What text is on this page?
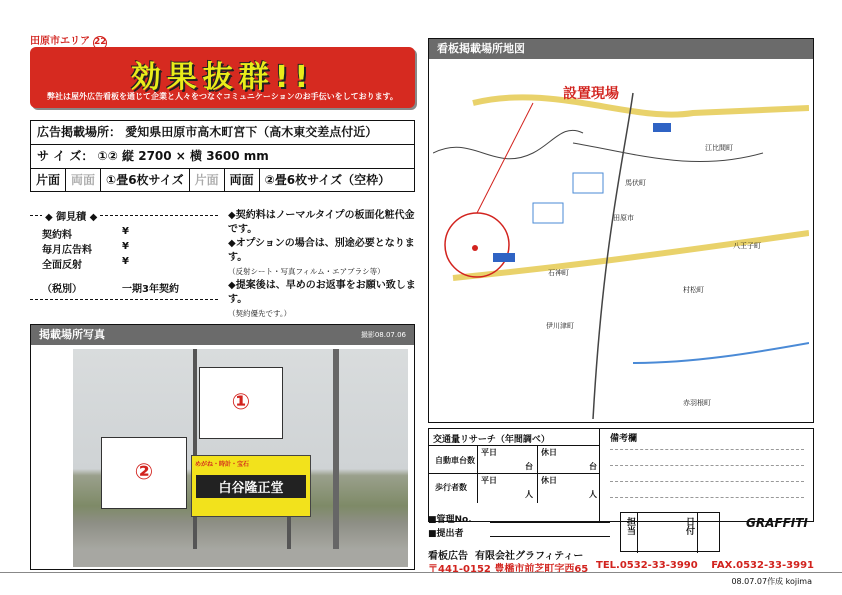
田原市エリア 22
効果抜群!!
弊社は屋外広告看板を通じて企業と人々をつなぐコミュニケーションのお手伝いをしております。
広告掲載場所： 愛知県田原市高木町宮下（高木東交差点付近）
サ イ ズ： ①② 縦 2700 × 横 3600 mm
片面 両面 ①畳6枚サイズ 片面 両面 ②畳6枚サイズ（空枠）
契約料	¥
毎月広告料	¥
全面反射	¥
（税別）	一期3年契約
◆ 御見積 ◆	◆契約料はノーマルタイプの板面化粧代金です。
◆オプションの場合は、別途必要となります。
（反射シート・写真フィルム・エアブラシ等）
◆提案後は、早めのお返事をお願い致します。
（契約優先です。）
掲載場所写真	撮影08.07.06
①
②	めがね・時計・宝石
白谷隆正堂
看板掲載場所地図
設置現場
江比間町
馬伏町
八王子町
石神町
伊川津町
村松町
赤羽根町
田原市
交通量リサーチ（年間調べ）
自動車台数
平日	休日
台	台
歩行者数
平日	休日
人	人
備考欄
■管理No.
■提出者	担当	日付	GRAFFITI
看板広告 有限会社グラフィティー
〒441-0152 豊橋市前芝町字西65 TEL.0532-33-3990 FAX.0532-33-3991
08.07.07作成 kojima
